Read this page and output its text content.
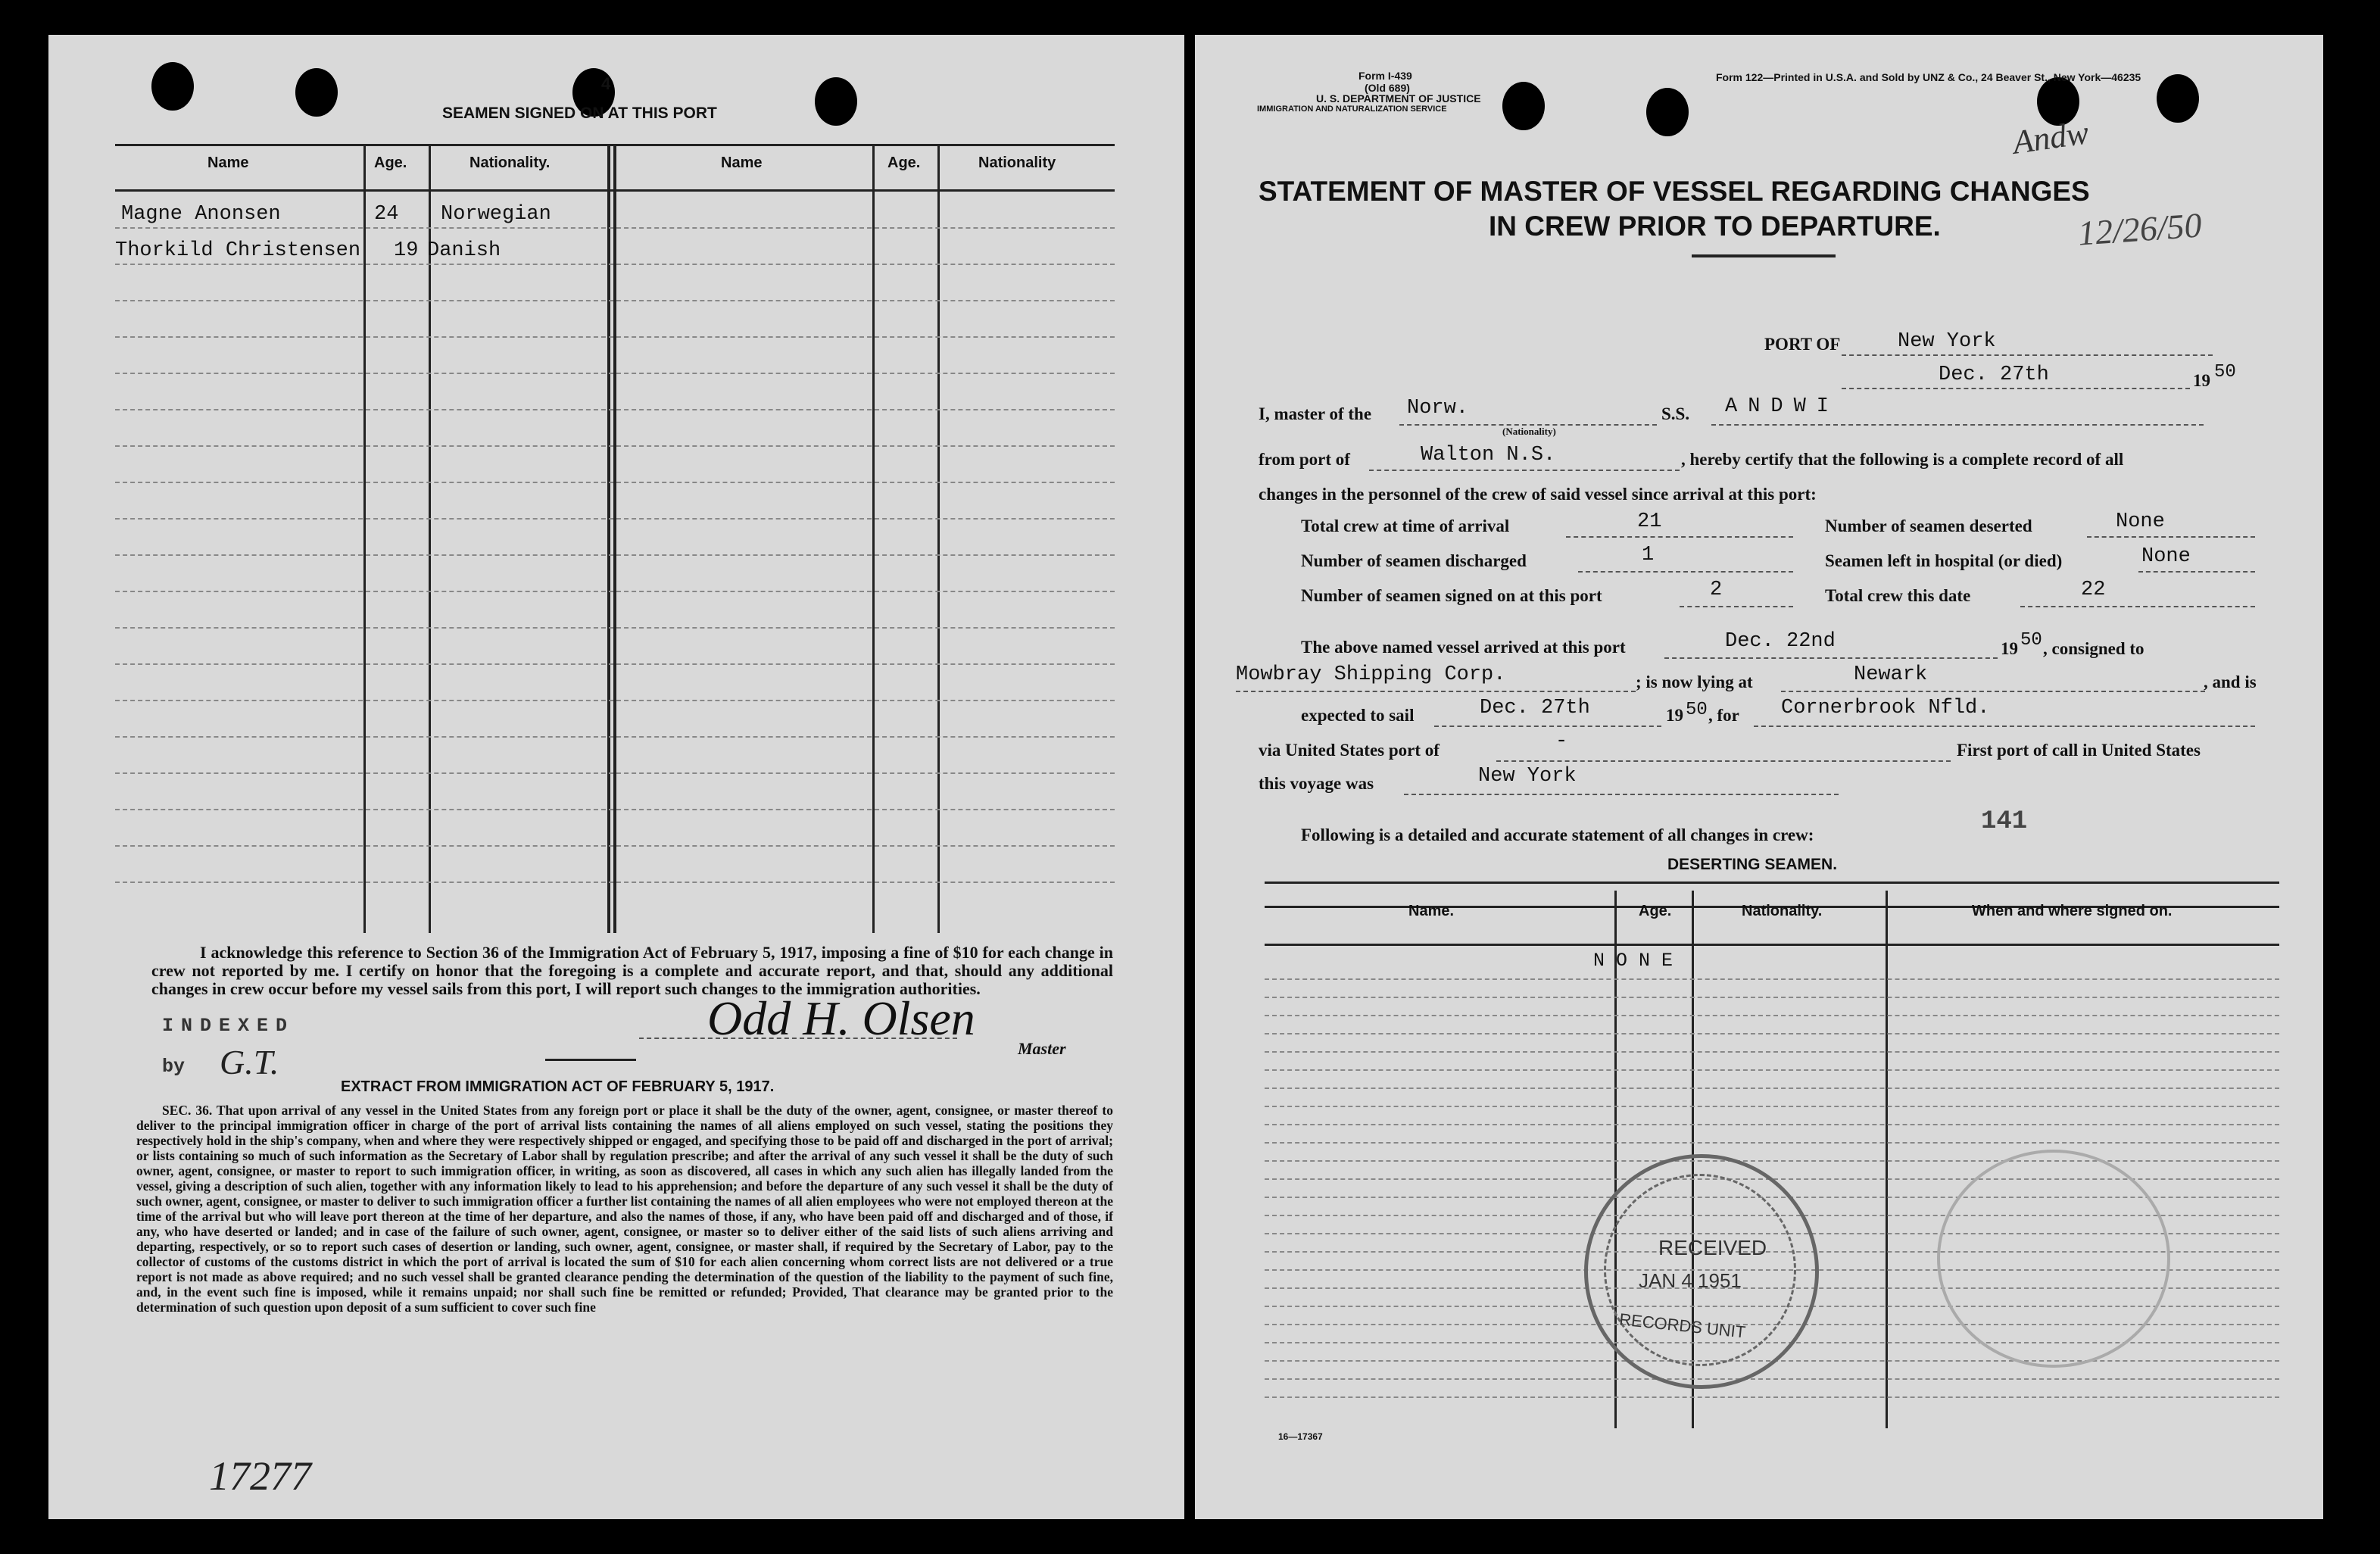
4
SEAMEN SIGNED ON AT THIS PORT
Name	Age.	Nationality.	Name	Age.	Nationality
Magne Anonsen	24 Norwegian
Thorkild Christensen 19 Danish
I acknowledge this reference to Section 36 of the Immigration Act of February 5, 1917, imposing a fine of $10 for each change in crew not reported by me. I certify on honor that the foregoing is a complete and accurate report, and that, should any additional changes in crew occur before my vessel sails from this port, I will report such changes to the immigration authorities.
INDEXED
by G.T.
Odd H. Olsen
Master
EXTRACT FROM IMMIGRATION ACT OF FEBRUARY 5, 1917.
SEC. 36. That upon arrival of any vessel in the United States from any foreign port or place it shall be the duty of the owner, agent, consignee, or master thereof to deliver to the principal immigration officer in charge of the port of arrival lists containing the names of all aliens employed on such vessel, stating the positions they respectively hold in the ship's company, when and where they were respectively shipped or engaged, and specifying those to be paid off and discharged in the port of arrival; or lists containing so much of such information as the Secretary of Labor shall by regulation prescribe; and after the arrival of any such vessel it shall be the duty of such owner, agent, consignee, or master to report to such immigration officer, in writing, as soon as discovered, all cases in which any such alien has illegally landed from the vessel, giving a description of such alien, together with any information likely to lead to his apprehension; and before the departure of any such vessel it shall be the duty of such owner, agent, consignee, or master to deliver to such immigration officer a further list containing the names of all alien employees who were not employed thereon at the time of the arrival but who will leave port thereon at the time of her departure, and also the names of those, if any, who have been paid off and discharged and of those, if any, who have deserted or landed; and in case of the failure of such owner, agent, consignee, or master so to deliver either of the said lists of such aliens arriving and departing, respectively, or so to report such cases of desertion or landing, such owner, agent, consignee, or master shall, if required by the Secretary of Labor, pay to the collector of customs of the customs district in which the port of arrival is located the sum of $10 for each alien concerning whom correct lists are not delivered or a true report is not made as above required; and no such vessel shall be granted clearance pending the determination of the question of the liability to the payment of such fine, and, in the event such fine is imposed, while it remains unpaid; nor shall such fine be remitted or refunded; Provided, That clearance may be granted prior to the determination of such question upon deposit of a sum sufficient to cover such fine
17277
Form I-439
(Old 689)
U. S. DEPARTMENT OF JUSTICE
IMMIGRATION AND NATURALIZATION SERVICE
Form 122—Printed in U.S.A. and Sold by UNZ & Co., 24 Beaver St., New York—46235
Andw
12/26/50
STATEMENT OF MASTER OF VESSEL REGARDING CHANGES
IN CREW PRIOR TO DEPARTURE.
PORT OF	New York
Dec. 27th	19 50
I, master of the Norw.
(Nationality)
S.S. ANDWI
from port of	Walton N.S.	, hereby certify that the following is a complete record of all
changes in the personnel of the crew of said vessel since arrival at this port:
Total crew at time of arrival	21	Number of seamen deserted	None
Number of seamen discharged	1	Seamen left in hospital (or died)	None
Number of seamen signed on at this port	2	Total crew this date	22
The above named vessel arrived at this port	Dec. 22nd	19 50 , consigned to
Mowbray Shipping Corp.	; is now lying at	Newark	, and is
expected to sail	Dec. 27th	19 50 , for Cornerbrook Nfld.
via United States port of	-	First port of call in United States
this voyage was	New York
Following is a detailed and accurate statement of all changes in crew:	141
DESERTING SEAMEN.
Name.	Age.	Nationality.	When and where signed on.
N O N E
RECEIVED
JAN 4 1951
RECORDS UNIT
16—17367
